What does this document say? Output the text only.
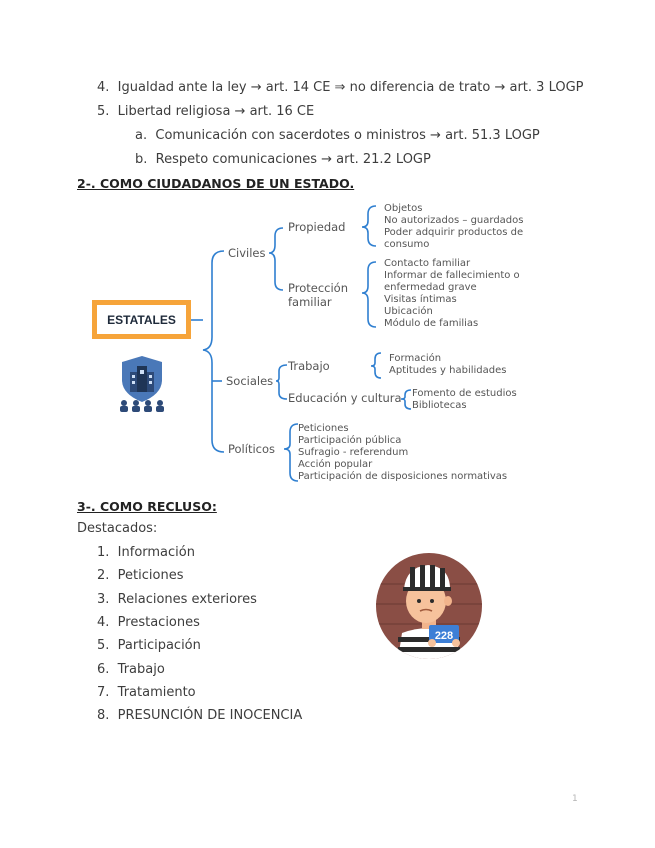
4. Igualdad ante la ley → art. 14 CE ⇒ no diferencia de trato → art. 3 LOGP
5. Libertad religiosa → art. 16 CE
a. Comunicación con sacerdotes o ministros → art. 51.3 LOGP
b. Respeto comunicaciones → art. 21.2 LOGP
2-. COMO CIUDADANOS DE UN ESTADO.
ESTATALES
Civiles
Sociales
Políticos
Propiedad
Protección
familiar
Trabajo
Educación y cultura
Objetos
No autorizados – guardados
Poder adquirir productos de
consumo
Contacto familiar
Informar de fallecimiento o
enfermedad grave
Visitas íntimas
Ubicación
Módulo de familias
Formación
Aptitudes y habilidades
Fomento de estudios
Bibliotecas
Peticiones
Participación pública
Sufragio - referendum
Acción popular
Participación de disposiciones normativas
3-. COMO RECLUSO:
Destacados:
1. Información
2. Peticiones
3. Relaciones exteriores
4. Prestaciones
5. Participación
6. Trabajo
7. Tratamiento
8. PRESUNCIÓN DE INOCENCIA
228
1
